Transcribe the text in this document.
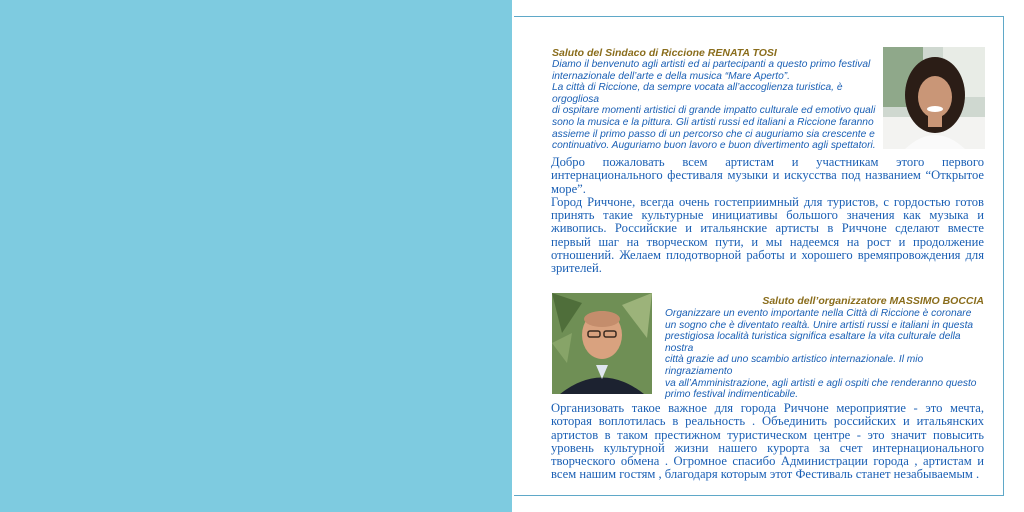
Saluto del Sindaco di Riccione RENATA TOSI
Diamo il benvenuto agli artisti ed ai partecipanti a questo primo festival
internazionale dell’arte e della musica “Mare Aperto”.
La città di Riccione, da sempre vocata all’accoglienza turistica, è orgogliosa
di ospitare momenti artistici di grande impatto culturale ed emotivo quali
sono la musica e la pittura. Gli artisti russi ed italiani a Riccione faranno
assieme il primo passo di un percorso che ci auguriamo sia crescente e
continuativo. Auguriamo buon lavoro e buon divertimento agli spettatori.

Добро пожаловать всем артистам и участникам этого первого интернационального фестиваля музыки и искусства под названием “Открытое море”.

Город Риччоне, всегда очень гостеприимный для туристов, с гордостью готов принять такие культурные инициативы большого значения как музыка и живопись. Российские и итальянские артисты в Риччоне сделают вместе первый шаг на творческом пути, и мы надеемся на рост и продолжение отношений. Желаем плодотворной работы и хорошего времяпровождения для зрителей.

Saluto dell’organizzatore MASSIMO BOCCIA
Organizzare un evento importante nella Città di Riccione è coronare
un sogno che è diventato realtà. Unire artisti russi e italiani in questa
prestigiosa località turistica significa esaltare la vita culturale della nostra
città grazie ad uno scambio artistico internazionale. Il mio ringraziamento
va all’Amministrazione, agli artisti e agli ospiti che renderanno questo
primo festival indimenticabile.

Организовать такое важное для города Риччоне мероприятие - это мечта, которая воплотилась в реальность . Объединить российских и итальянских артистов в таком престижном туристическом центре - это значит повысить уровень культурной жизни нашего курорта за счет интернационального творческого обмена . Огромное спасибо Администрации города , артистам и всем нашим гостям , благодаря которым этот Фестиваль станет незабываемым .
